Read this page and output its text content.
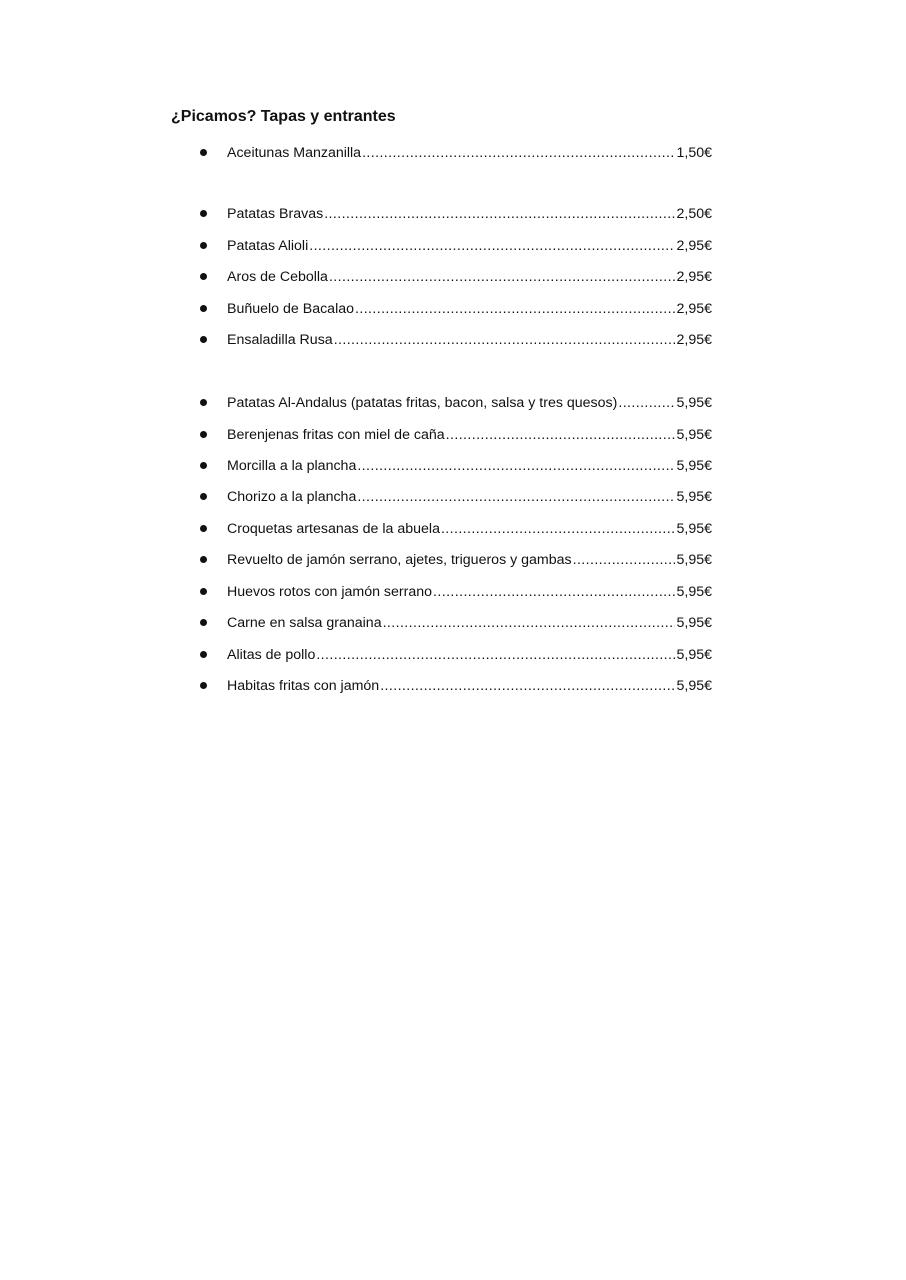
¿Picamos? Tapas y entrantes
Aceitunas Manzanilla .....	1,50€
Patatas Bravas .....	2,50€
Patatas Alioli .....	2,95€
Aros de Cebolla .....	2,95€
Buñuelo de Bacalao .....	2,95€
Ensaladilla Rusa .....	2,95€
Patatas Al-Andalus (patatas fritas, bacon, salsa y tres quesos) .....	5,95€
Berenjenas fritas con miel de caña .....	5,95€
Morcilla a la plancha .....	5,95€
Chorizo a la plancha .....	5,95€
Croquetas artesanas de la abuela .....	5,95€
Revuelto de jamón serrano, ajetes, trigueros y gambas .....	5,95€
Huevos rotos con jamón serrano .....	5,95€
Carne en salsa granaina .....	5,95€
Alitas de pollo .....	5,95€
Habitas fritas con jamón .....	5,95€
